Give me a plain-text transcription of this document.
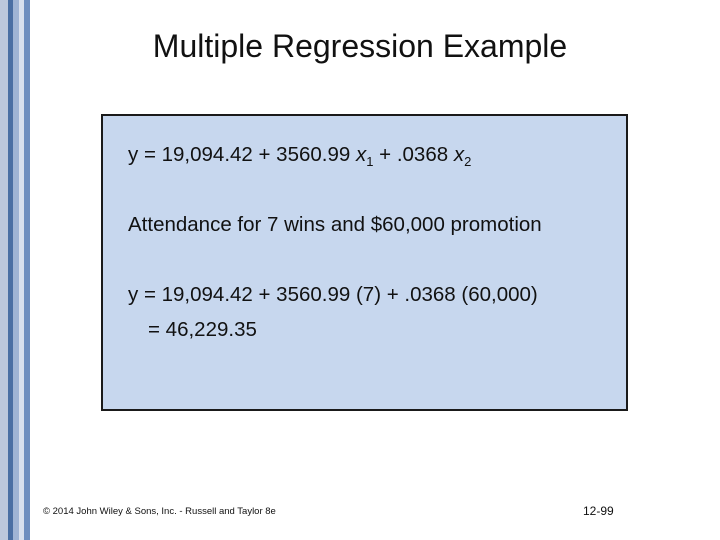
Multiple Regression Example
y = 19,094.42 + 3560.99 $x_1 + .0368$ $x_2$
Attendance for 7 wins and $60,000 promotion
y = 19,094.42 + 3560.99 (7) + .0368 (60,000)
= 46,229.35
© 2014 John Wiley & Sons, Inc. - Russell and Taylor 8e	12-99
